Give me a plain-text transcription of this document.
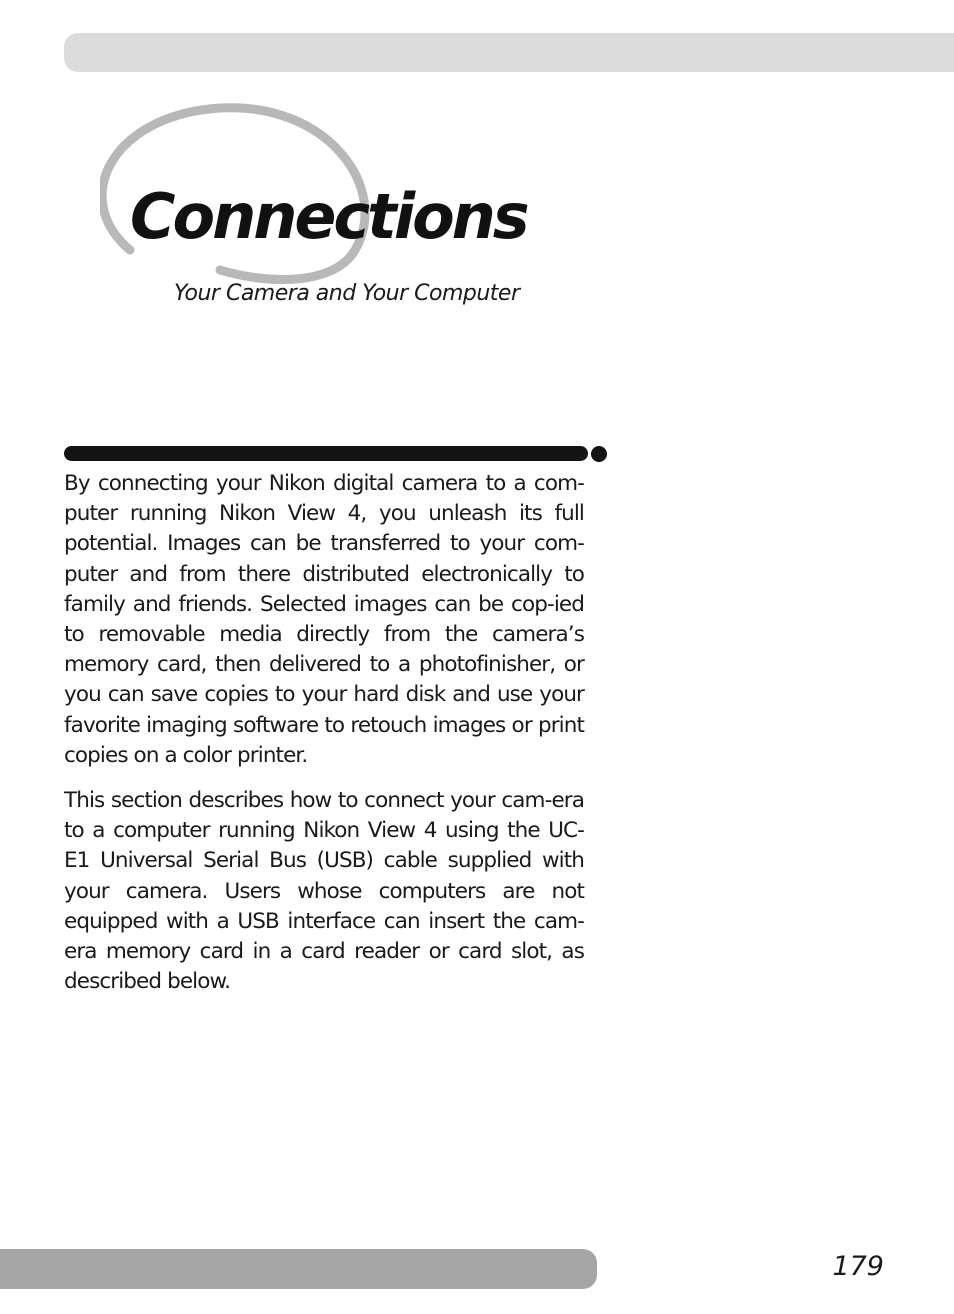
Connections

Your Camera and Your Computer

By connecting your Nikon digital camera to a com-puter running Nikon View 4, you unleash its full potential. Images can be transferred to your com-puter and from there distributed electronically to family and friends. Selected images can be cop-ied to removable media directly from the camera’s memory card, then delivered to a photofinisher, or you can save copies to your hard disk and use your favorite imaging software to retouch images or print copies on a color printer.

This section describes how to connect your cam-era to a computer running Nikon View 4 using the UC-E1 Universal Serial Bus (USB) cable supplied with your camera. Users whose computers are not equipped with a USB interface can insert the cam-era memory card in a card reader or card slot, as described below.

179
